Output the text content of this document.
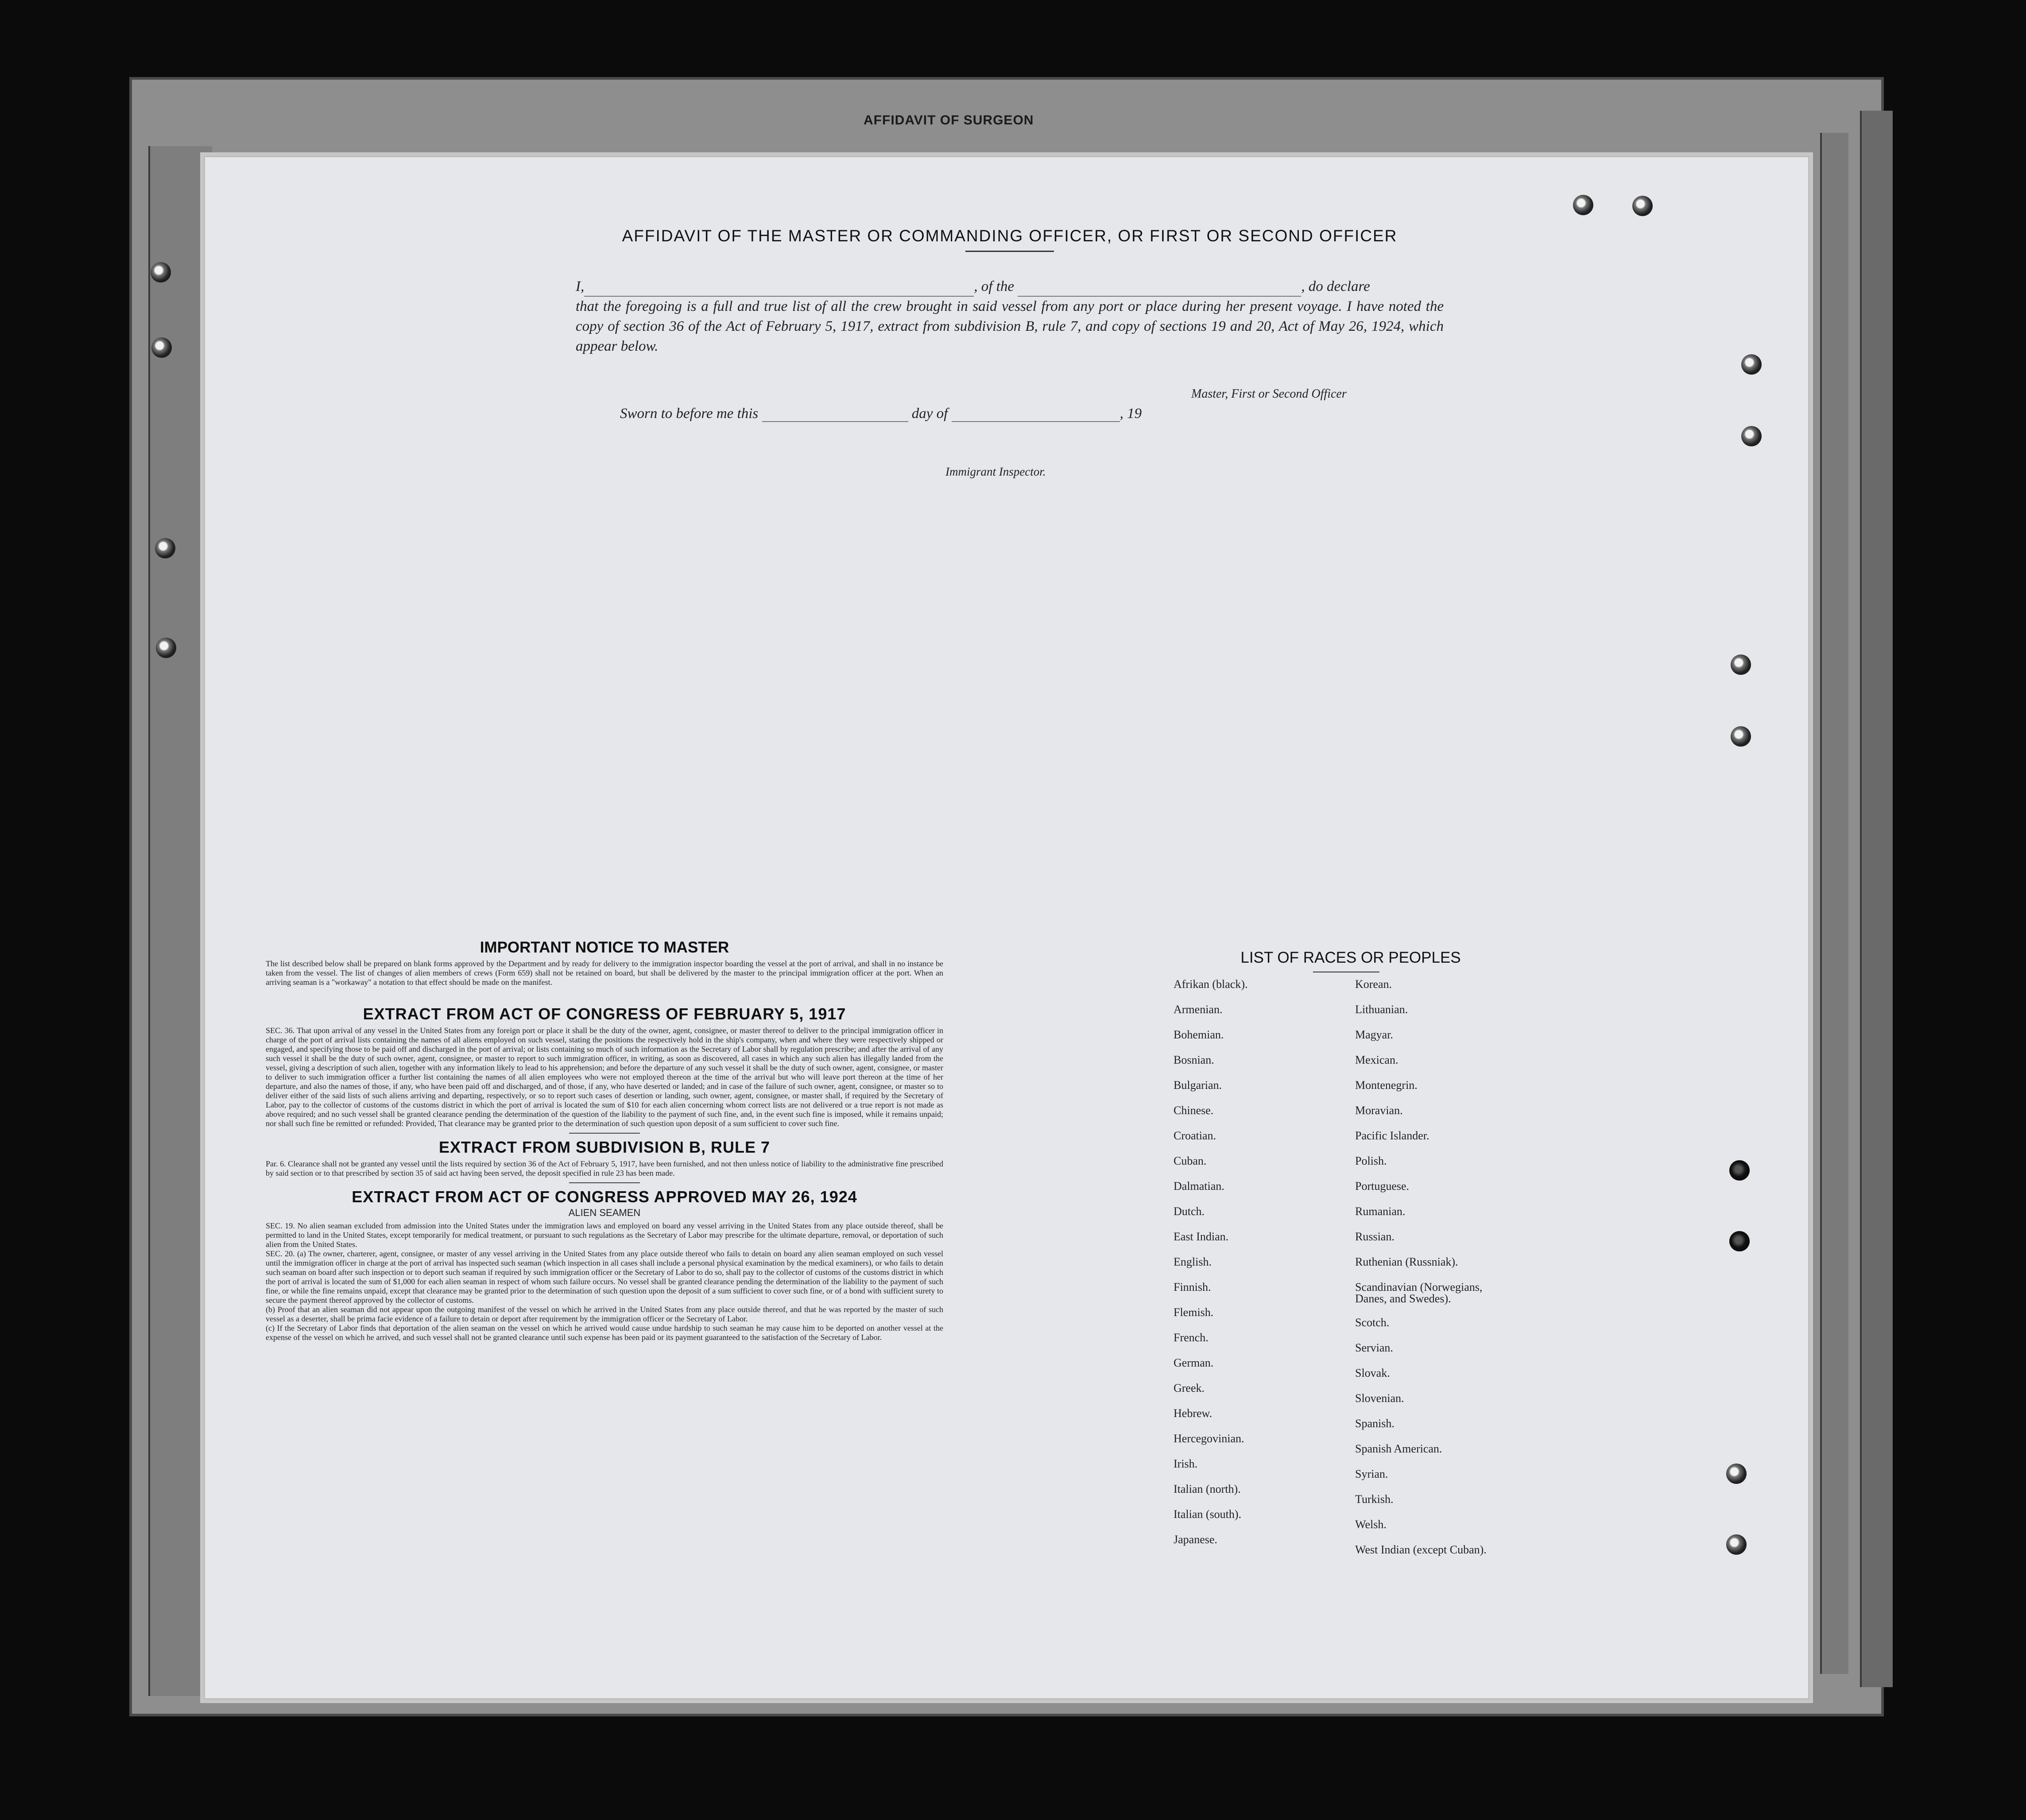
AFFIDAVIT OF SURGEON
AFFIDAVIT OF THE MASTER OR COMMANDING OFFICER, OR FIRST OR SECOND OFFICER
I,	, of the	, do declare
that the foregoing is a full and true list of all the crew brought in said vessel from any port or place during her present voyage. I have noted the copy of section 36 of the Act of February 5, 1917, extract from subdivision B, rule 7, and copy of sections 19 and 20, Act of May 26, 1924, which appear below.
Master, First or Second Officer
Sworn to before me this	day of	, 19
Immigrant Inspector.
IMPORTANT NOTICE TO MASTER

The list described below shall be prepared on blank forms approved by the Department and by ready for delivery to the immigration inspector boarding the vessel at the port of arrival, and shall in no instance be taken from the vessel. The list of changes of alien members of crews (Form 659) shall not be retained on board, but shall be delivered by the master to the principal immigration officer at the port. When an arriving seaman is a "workaway" a notation to that effect should be made on the manifest.

EXTRACT FROM ACT OF CONGRESS OF FEBRUARY 5, 1917

SEC. 36. That upon arrival of any vessel in the United States from any foreign port or place it shall be the duty of the owner, agent, consignee, or master thereof to deliver to the principal immigration officer in charge of the port of arrival lists containing the names of all aliens employed on such vessel, stating the positions the respectively hold in the ship's company, when and where they were respectively shipped or engaged, and specifying those to be paid off and discharged in the port of arrival; or lists containing so much of such information as the Secretary of Labor shall by regulation prescribe; and after the arrival of any such vessel it shall be the duty of such owner, agent, consignee, or master to report to such immigration officer, in writing, as soon as discovered, all cases in which any such alien has illegally landed from the vessel, giving a description of such alien, together with any information likely to lead to his apprehension; and before the departure of any such vessel it shall be the duty of such owner, agent, consignee, or master to deliver to such immigration officer a further list containing the names of all alien employees who were not employed thereon at the time of the arrival but who will leave port thereon at the time of her departure, and also the names of those, if any, who have been paid off and discharged, and of those, if any, who have deserted or landed; and in case of the failure of such owner, agent, consignee, or master so to deliver either of the said lists of such aliens arriving and departing, respectively, or so to report such cases of desertion or landing, such owner, agent, consignee, or master shall, if required by the Secretary of Labor, pay to the collector of customs of the customs district in which the port of arrival is located the sum of $10 for each alien concerning whom correct lists are not delivered or a true report is not made as above required; and no such vessel shall be granted clearance pending the determination of the question of the liability to the payment of such fine, and, in the event such fine is imposed, while it remains unpaid; nor shall such fine be remitted or refunded: Provided, That clearance may be granted prior to the determination of such question upon deposit of a sum sufficient to cover such fine.

EXTRACT FROM SUBDIVISION B, RULE 7

Par. 6. Clearance shall not be granted any vessel until the lists required by section 36 of the Act of February 5, 1917, have been furnished, and not then unless notice of liability to the administrative fine prescribed by said section or to that prescribed by section 35 of said act having been served, the deposit specified in rule 23 has been made.

EXTRACT FROM ACT OF CONGRESS APPROVED MAY 26, 1924
ALIEN SEAMEN

SEC. 19. No alien seaman excluded from admission into the United States under the immigration laws and employed on board any vessel arriving in the United States from any place outside thereof, shall be permitted to land in the United States, except temporarily for medical treatment, or pursuant to such regulations as the Secretary of Labor may prescribe for the ultimate departure, removal, or deportation of such alien from the United States.

SEC. 20. (a) The owner, charterer, agent, consignee, or master of any vessel arriving in the United States from any place outside thereof who fails to detain on board any alien seaman employed on such vessel until the immigration officer in charge at the port of arrival has inspected such seaman (which inspection in all cases shall include a personal physical examination by the medical examiners), or who fails to detain such seaman on board after such inspection or to deport such seaman if required by such immigration officer or the Secretary of Labor to do so, shall pay to the collector of customs of the customs district in which the port of arrival is located the sum of $1,000 for each alien seaman in respect of whom such failure occurs. No vessel shall be granted clearance pending the determination of the liability to the payment of such fine, or while the fine remains unpaid, except that clearance may be granted prior to the determination of such question upon the deposit of a sum sufficient to cover such fine, or of a bond with sufficient surety to secure the payment thereof approved by the collector of customs.

(b) Proof that an alien seaman did not appear upon the outgoing manifest of the vessel on which he arrived in the United States from any place outside thereof, and that he was reported by the master of such vessel as a deserter, shall be prima facie evidence of a failure to detain or deport after requirement by the immigration officer or the Secretary of Labor.

(c) If the Secretary of Labor finds that deportation of the alien seaman on the vessel on which he arrived would cause undue hardship to such seaman he may cause him to be deported on another vessel at the expense of the vessel on which he arrived, and such vessel shall not be granted clearance until such expense has been paid or its payment guaranteed to the satisfaction of the Secretary of Labor.

LIST OF RACES OR PEOPLES
Afrikan (black).
Armenian.
Bohemian.
Bosnian.
Bulgarian.
Chinese.
Croatian.
Cuban.
Dalmatian.
Dutch.
East Indian.
English.
Finnish.
Flemish.
French.
German.
Greek.
Hebrew.
Hercegovinian.
Irish.
Italian (north).
Italian (south).
Japanese.
Korean.
Lithuanian.
Magyar.
Mexican.
Montenegrin.
Moravian.
Pacific Islander.
Polish.
Portuguese.
Rumanian.
Russian.
Ruthenian (Russniak).
Scandinavian (Norwegians, Danes, and Swedes).
Scotch.
Servian.
Slovak.
Slovenian.
Spanish.
Spanish American.
Syrian.
Turkish.
Welsh.
West Indian (except Cuban).
